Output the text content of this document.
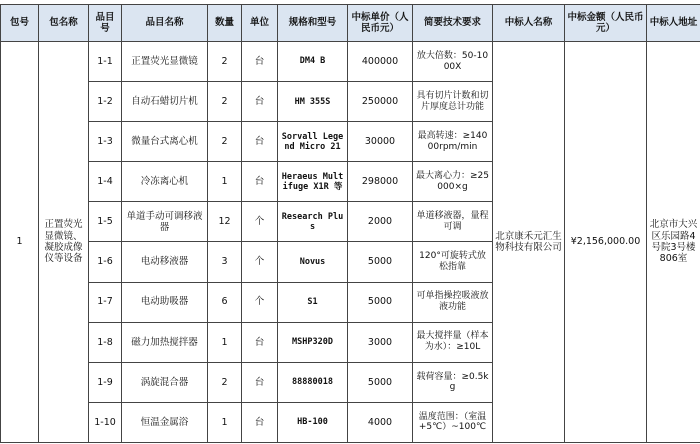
包号	包名称	品目号	品目名称	数量	单位	规格和型号	中标单价（人民币元）	简要技术要求	中标人名称	中标金额（人民币元）	中标人地址
1	正置荧光显微镜、凝胶成像仪等设备	1-1	正置荧光显微镜	2	台	DM4 B	400000	放大倍数：50-1000X	北京康禾元汇生物科技有限公司	¥2,156,000.00	北京市大兴区乐园路4号院3号楼806室
		1-2	自动石蜡切片机	2	台	HM 355S	250000	具有切片计数和切片厚度总计功能			
		1-3	微量台式离心机	2	台	Sorvall Legend Micro 21	30000	最高转速：≥14000rpm/min			
		1-4	冷冻离心机	1	台	Heraeus Multifuge X1R 等	298000	最大离心力：≥25000×g			
		1-5	单道手动可调移液器	12	个	Research Plus	2000	单道移液器，量程可调			
		1-6	电动移液器	3	个	Novus	5000	120°可旋转式放松指靠			
		1-7	电动助吸器	6	个	S1	5000	可单指操控吸液放液功能			
		1-8	磁力加热搅拌器	1	台	MSHP320D	3000	最大搅拌量（样本为水）：≥10L			
		1-9	涡旋混合器	2	台	88880018	5000	载荷容量：≥0.5kg			
		1-10	恒温金属浴	1	台	HB-100	4000	温度范围：（室温+5℃）~100℃			
